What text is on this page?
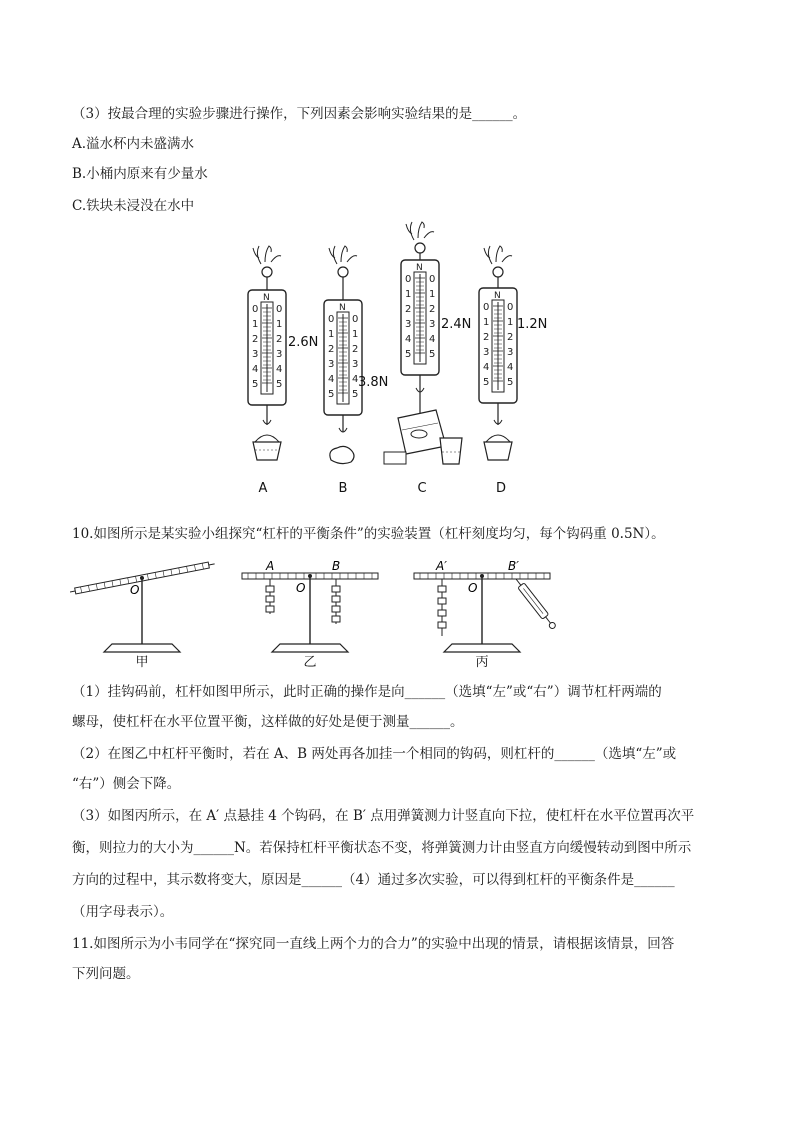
（3）按最合理的实验步骤进行操作，下列因素会影响实验结果的是______。
A.溢水杯内未盛满水
B.小桶内原来有少量水
C.铁块未浸没在水中
N
N
N
N
0
1
2
3
4
5
0
1
2
3
4
5
0
1
2
3
4
5
0
1
2
3
4
5
0
1
2
3
4
5
0
1
2
3
4
5
0
1
2
3
4
5
0
1
2
3
4
5
2.6N
3.8N
2.4N	1.2N
A	B	C	D
10.如图所示是某实验小组探究“杠杆的平衡条件”的实验装置（杠杆刻度均匀，每个钩码重 0.5N）。
O
A	B
O
A′	B′
O
甲	乙	丙
（1）挂钩码前，杠杆如图甲所示，此时正确的操作是向______（选填“左”或“右”）调节杠杆两端的
螺母，使杠杆在水平位置平衡，这样做的好处是便于测量______。
（2）在图乙中杠杆平衡时，若在 A、B 两处再各加挂一个相同的钩码，则杠杆的______（选填“左”或
“右”）侧会下降。
（3）如图丙所示，在 A′ 点悬挂 4 个钩码，在 B′ 点用弹簧测力计竖直向下拉，使杠杆在水平位置再次平
衡，则拉力的大小为______N。若保持杠杆平衡状态不变，将弹簧测力计由竖直方向缓慢转动到图中所示
方向的过程中，其示数将变大，原因是______（4）通过多次实验，可以得到杠杆的平衡条件是______
（用字母表示）。
11.如图所示为小韦同学在“探究同一直线上两个力的合力”的实验中出现的情景，请根据该情景，回答
下列问题。
